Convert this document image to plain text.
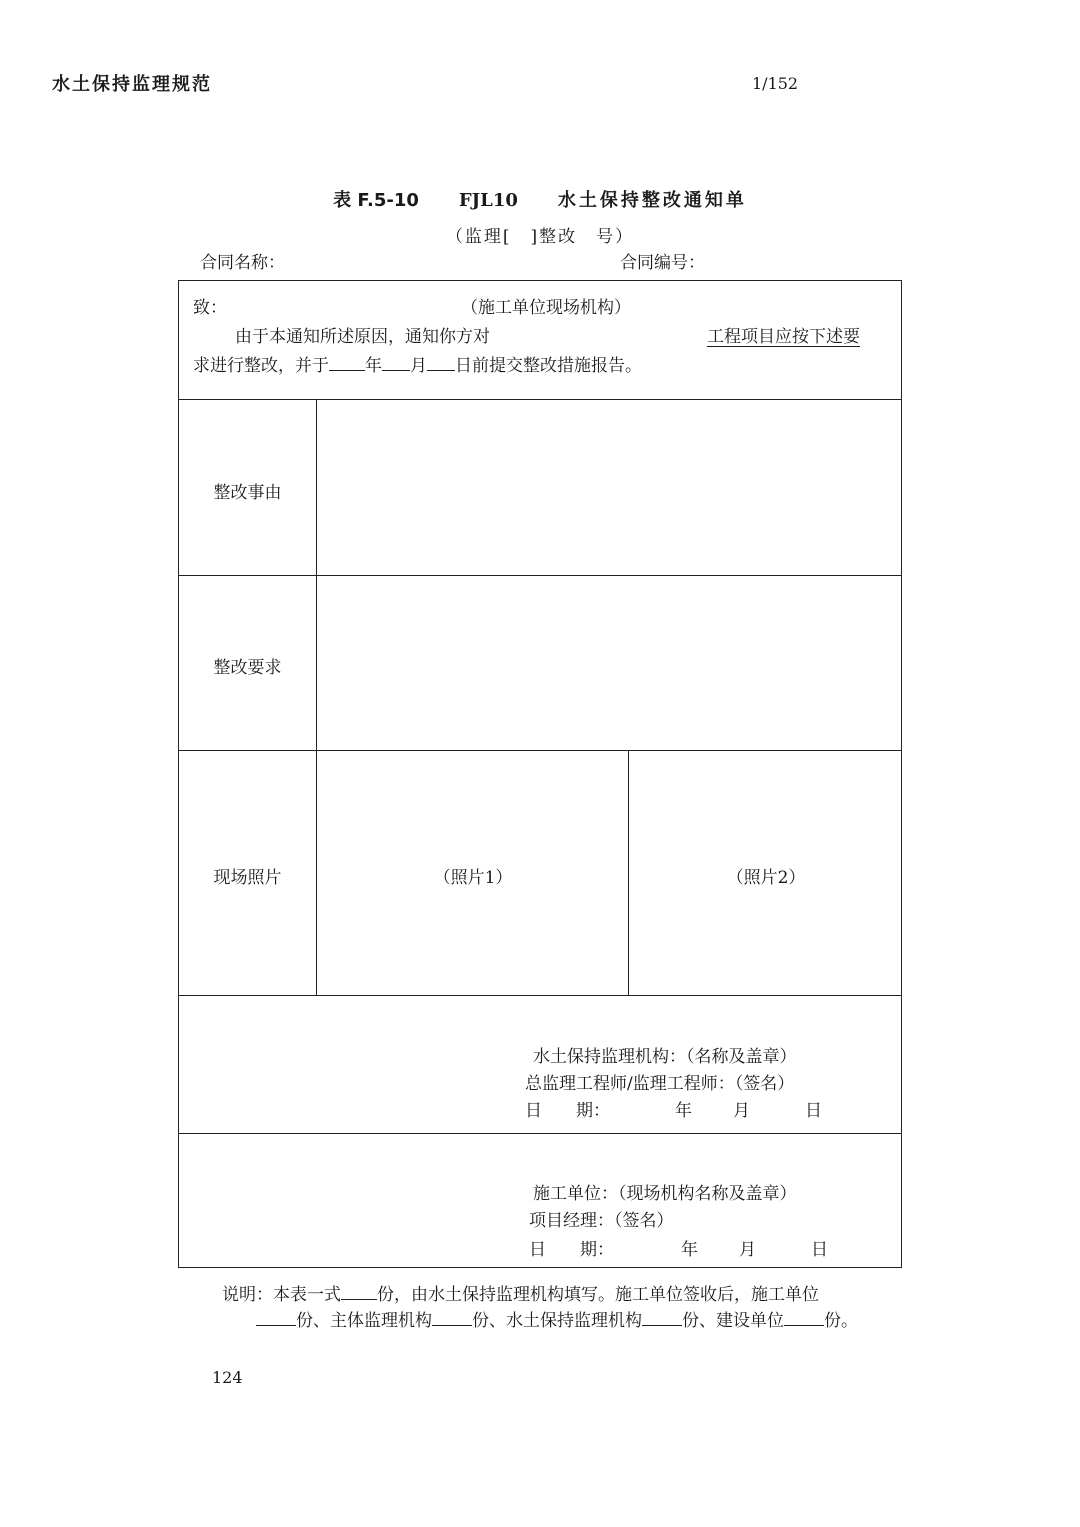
水土保持监理规范	1/152
表 F.5-10 FJL10 水土保持整改通知单
（监理[　]整改　号）
合同名称：	合同编号：
致：	（施工单位现场机构）
由于本通知所述原因，通知你方对	工程项目应按下述要
求进行整改，并于 年 月 日前提交整改措施报告。
整改事由
整改要求
现场照片	（照片1）	（照片2）
水土保持监理机构：（名称及盖章）
总监理工程师/监理工程师：（签名）
日　　期：	年 月	日
施工单位：（现场机构名称及盖章）
项目经理：（签名）
日　　期：	年 月	日
说明：本表一式 份，由水土保持监理机构填写。施工单位签收后，施工单位
份、主体监理机构 份、水土保持监理机构 份、建设单位 份。
124
